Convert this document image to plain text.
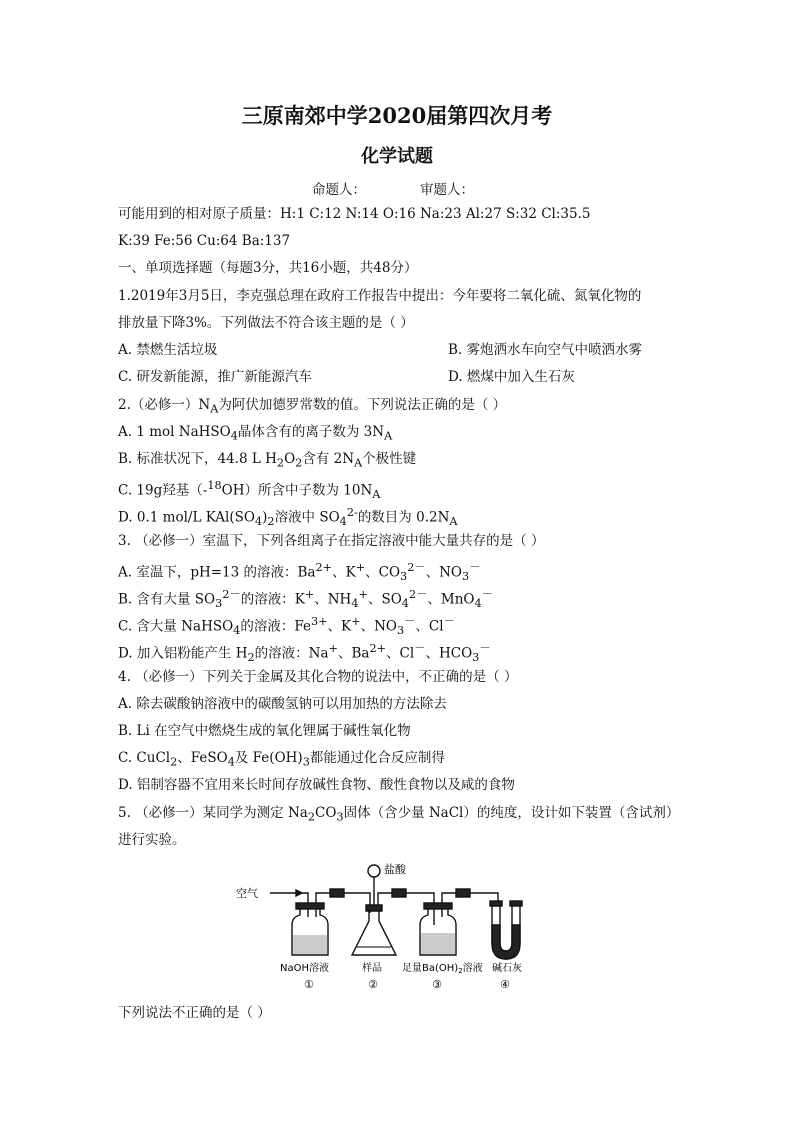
三原南郊中学2020届第四次月考
化学试题
命题人：	审题人：
可能用到的相对原子质量：H:1 C:12 N:14 O:16 Na:23 Al:27 S:32 Cl:35.5
K:39 Fe:56 Cu:64 Ba:137
一、单项选择题（每题3分，共16小题，共48分）
1.2019年3月5日，李克强总理在政府工作报告中提出：今年要将二氧化硫、氮氧化物的
排放量下降3%。下列做法不符合该主题的是（ ）
A. 禁燃生活垃圾	B. 雾炮洒水车向空气中喷洒水雾
C. 研发新能源，推广新能源汽车	D. 燃煤中加入生石灰
2.（必修一）$N_A$为阿伏加德罗常数的值。下列说法正确的是（ ）
A. 1 mol NaHSO$_4$晶体含有的离子数为 $3N_A$
B. 标准状况下，44.8 L $H_2O_2$含有 $2N_A$个极性键
C. 19g羟基（-$^{18}$OH）所含中子数为 $10N_A$
D. 0.1 mol/L $KAl(SO_4)_2$溶液中 $SO_4^{2-}$的数目为 $0.2N_A$
3. （必修一）室温下，下列各组离子在指定溶液中能大量共存的是（ ）
A. 室温下，pH=13 的溶液：$Ba^{2+}$、K+、$CO_3^{2-}$、$NO_3^-$
B. 含有大量 $SO_3^{2-}$的溶液：K+、$NH_4^+$、$SO_4^{2-}$、MnO$_4$－
C. 含大量 NaHSO$_4$的溶液：$Fe^{3+}$、K+、$NO_3^-$、Cl－
D. 加入铝粉能产生 $H_2$的溶液：Na+、$Ba^{2+}$、Cl－、$HCO_3^-$
4. （必修一）下列关于金属及其化合物的说法中，不正确的是（ ）
A. 除去碳酸钠溶液中的碳酸氢钠可以用加热的方法除去
B. Li 在空气中燃烧生成的氧化锂属于碱性氧化物
C. CuCl$_2$、FeSO$_4$及 $Fe(OH)_3$都能通过化合反应制得
D. 铝制容器不宜用来长时间存放碱性食物、酸性食物以及咸的食物
5. （必修一）某同学为测定 $Na_2CO_3$固体（含少量 NaCl）的纯度，设计如下装置（含试剂）
进行实验。
空气
盐酸
NaOH溶液	样品 足量$Ba(OH)_2$溶液 碱石灰
①	②	③	④
下列说法不正确的是（ ）
